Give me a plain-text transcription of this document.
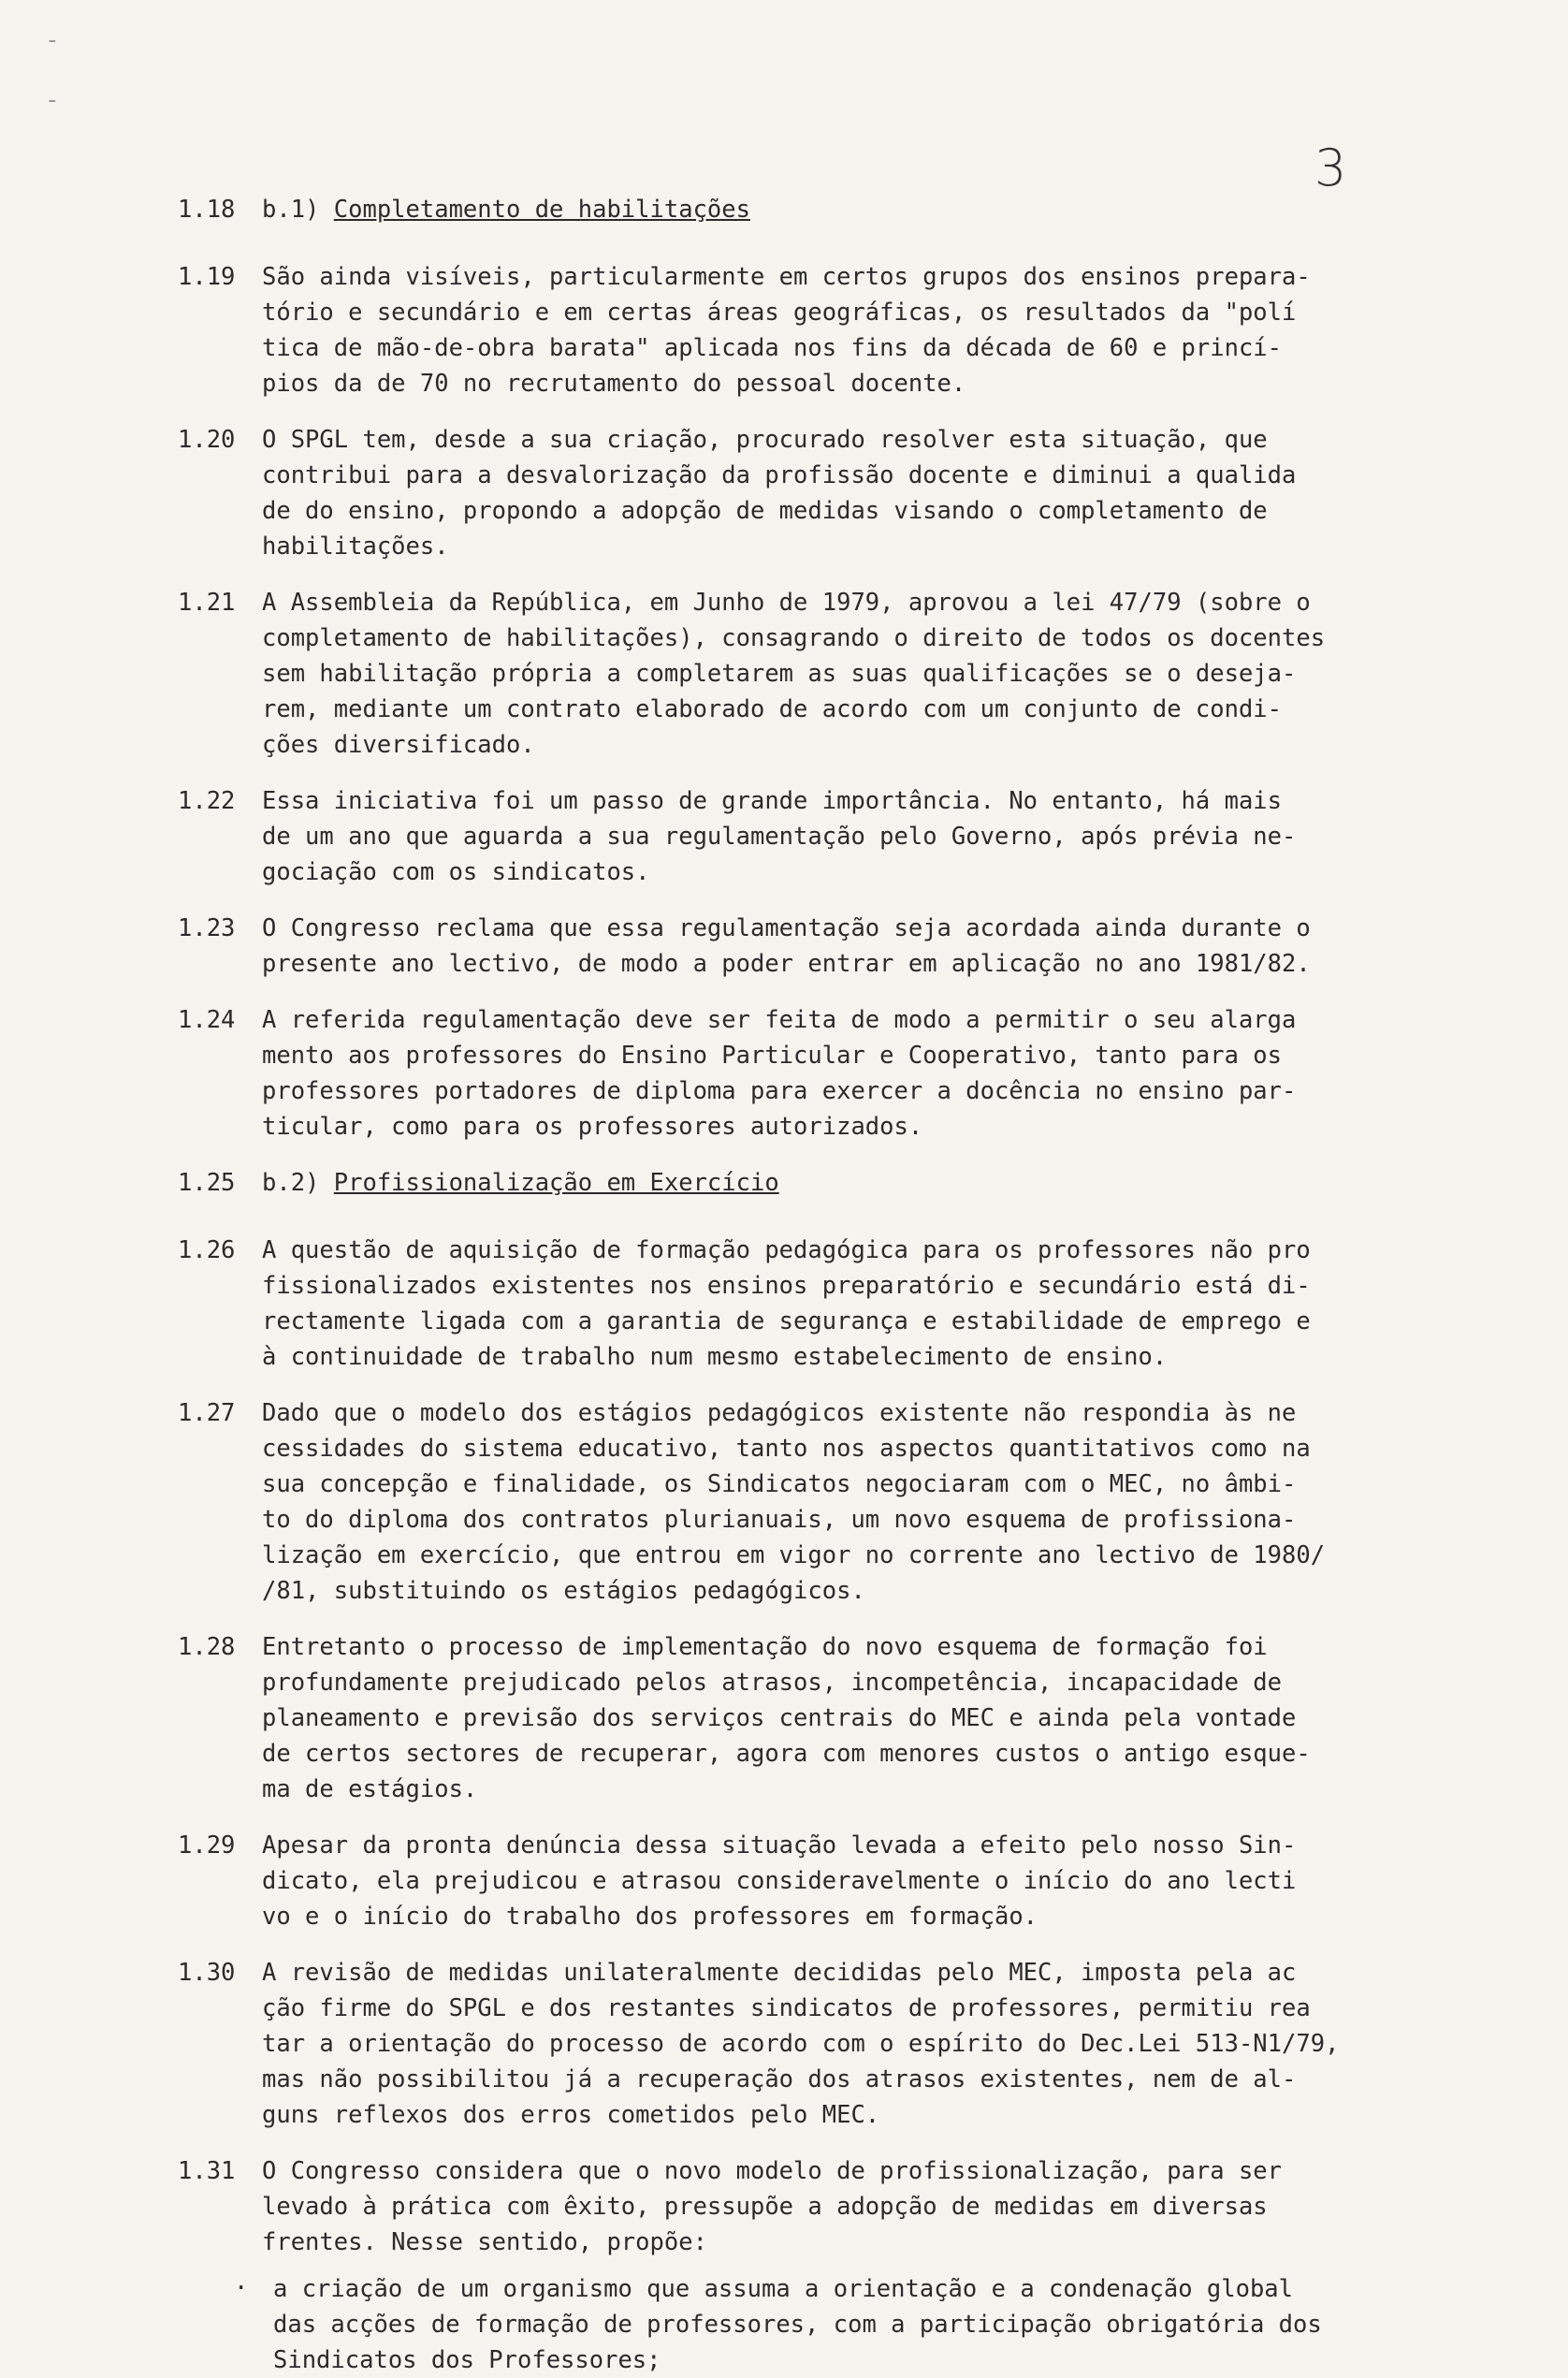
3
-
-
1.18	b.1) Completamento de habilitações
1.19	São ainda visíveis, particularmente em certos grupos dos ensinos prepara-
tório e secundário e em certas áreas geográficas, os resultados da "polí
tica de mão-de-obra barata" aplicada nos fins da década de 60 e princí-
pios da de 70 no recrutamento do pessoal docente.
1.20	O SPGL tem, desde a sua criação, procurado resolver esta situação, que
contribui para a desvalorização da profissão docente e diminui a qualida
de do ensino, propondo a adopção de medidas visando o completamento de
habilitações.
1.21	A Assembleia da República, em Junho de 1979, aprovou a lei 47/79 (sobre o
completamento de habilitações), consagrando o direito de todos os docentes
sem habilitação própria a completarem as suas qualificações se o deseja-
rem, mediante um contrato elaborado de acordo com um conjunto de condi-
ções diversificado.
1.22	Essa iniciativa foi um passo de grande importância. No entanto, há mais
de um ano que aguarda a sua regulamentação pelo Governo, após prévia ne-
gociação com os sindicatos.
1.23	O Congresso reclama que essa regulamentação seja acordada ainda durante o
presente ano lectivo, de modo a poder entrar em aplicação no ano 1981/82.
1.24	A referida regulamentação deve ser feita de modo a permitir o seu alarga
mento aos professores do Ensino Particular e Cooperativo, tanto para os
professores portadores de diploma para exercer a docência no ensino par-
ticular, como para os professores autorizados.
1.25	b.2) Profissionalização em Exercício
1.26	A questão de aquisição de formação pedagógica para os professores não pro
fissionalizados existentes nos ensinos preparatório e secundário está di-
rectamente ligada com a garantia de segurança e estabilidade de emprego e
à continuidade de trabalho num mesmo estabelecimento de ensino.
1.27	Dado que o modelo dos estágios pedagógicos existente não respondia às ne
cessidades do sistema educativo, tanto nos aspectos quantitativos como na
sua concepção e finalidade, os Sindicatos negociaram com o MEC, no âmbi-
to do diploma dos contratos plurianuais, um novo esquema de profissiona-
lização em exercício, que entrou em vigor no corrente ano lectivo de 1980/
/81, substituindo os estágios pedagógicos.
1.28	Entretanto o processo de implementação do novo esquema de formação foi
profundamente prejudicado pelos atrasos, incompetência, incapacidade de
planeamento e previsão dos serviços centrais do MEC e ainda pela vontade
de certos sectores de recuperar, agora com menores custos o antigo esque-
ma de estágios.
1.29	Apesar da pronta denúncia dessa situação levada a efeito pelo nosso Sin-
dicato, ela prejudicou e atrasou consideravelmente o início do ano lecti
vo e o início do trabalho dos professores em formação.
1.30	A revisão de medidas unilateralmente decididas pelo MEC, imposta pela ac
ção firme do SPGL e dos restantes sindicatos de professores, permitiu rea
tar a orientação do processo de acordo com o espírito do Dec.Lei 513-N1/79,
mas não possibilitou já a recuperação dos atrasos existentes, nem de al-
guns reflexos dos erros cometidos pelo MEC.
1.31	O Congresso considera que o novo modelo de profissionalização, para ser
levado à prática com êxito, pressupõe a adopção de medidas em diversas
frentes. Nesse sentido, propõe:
. a criação de um organismo que assuma a orientação e a condenação global
das acções de formação de professores, com a participação obrigatória dos
Sindicatos dos Professores;
